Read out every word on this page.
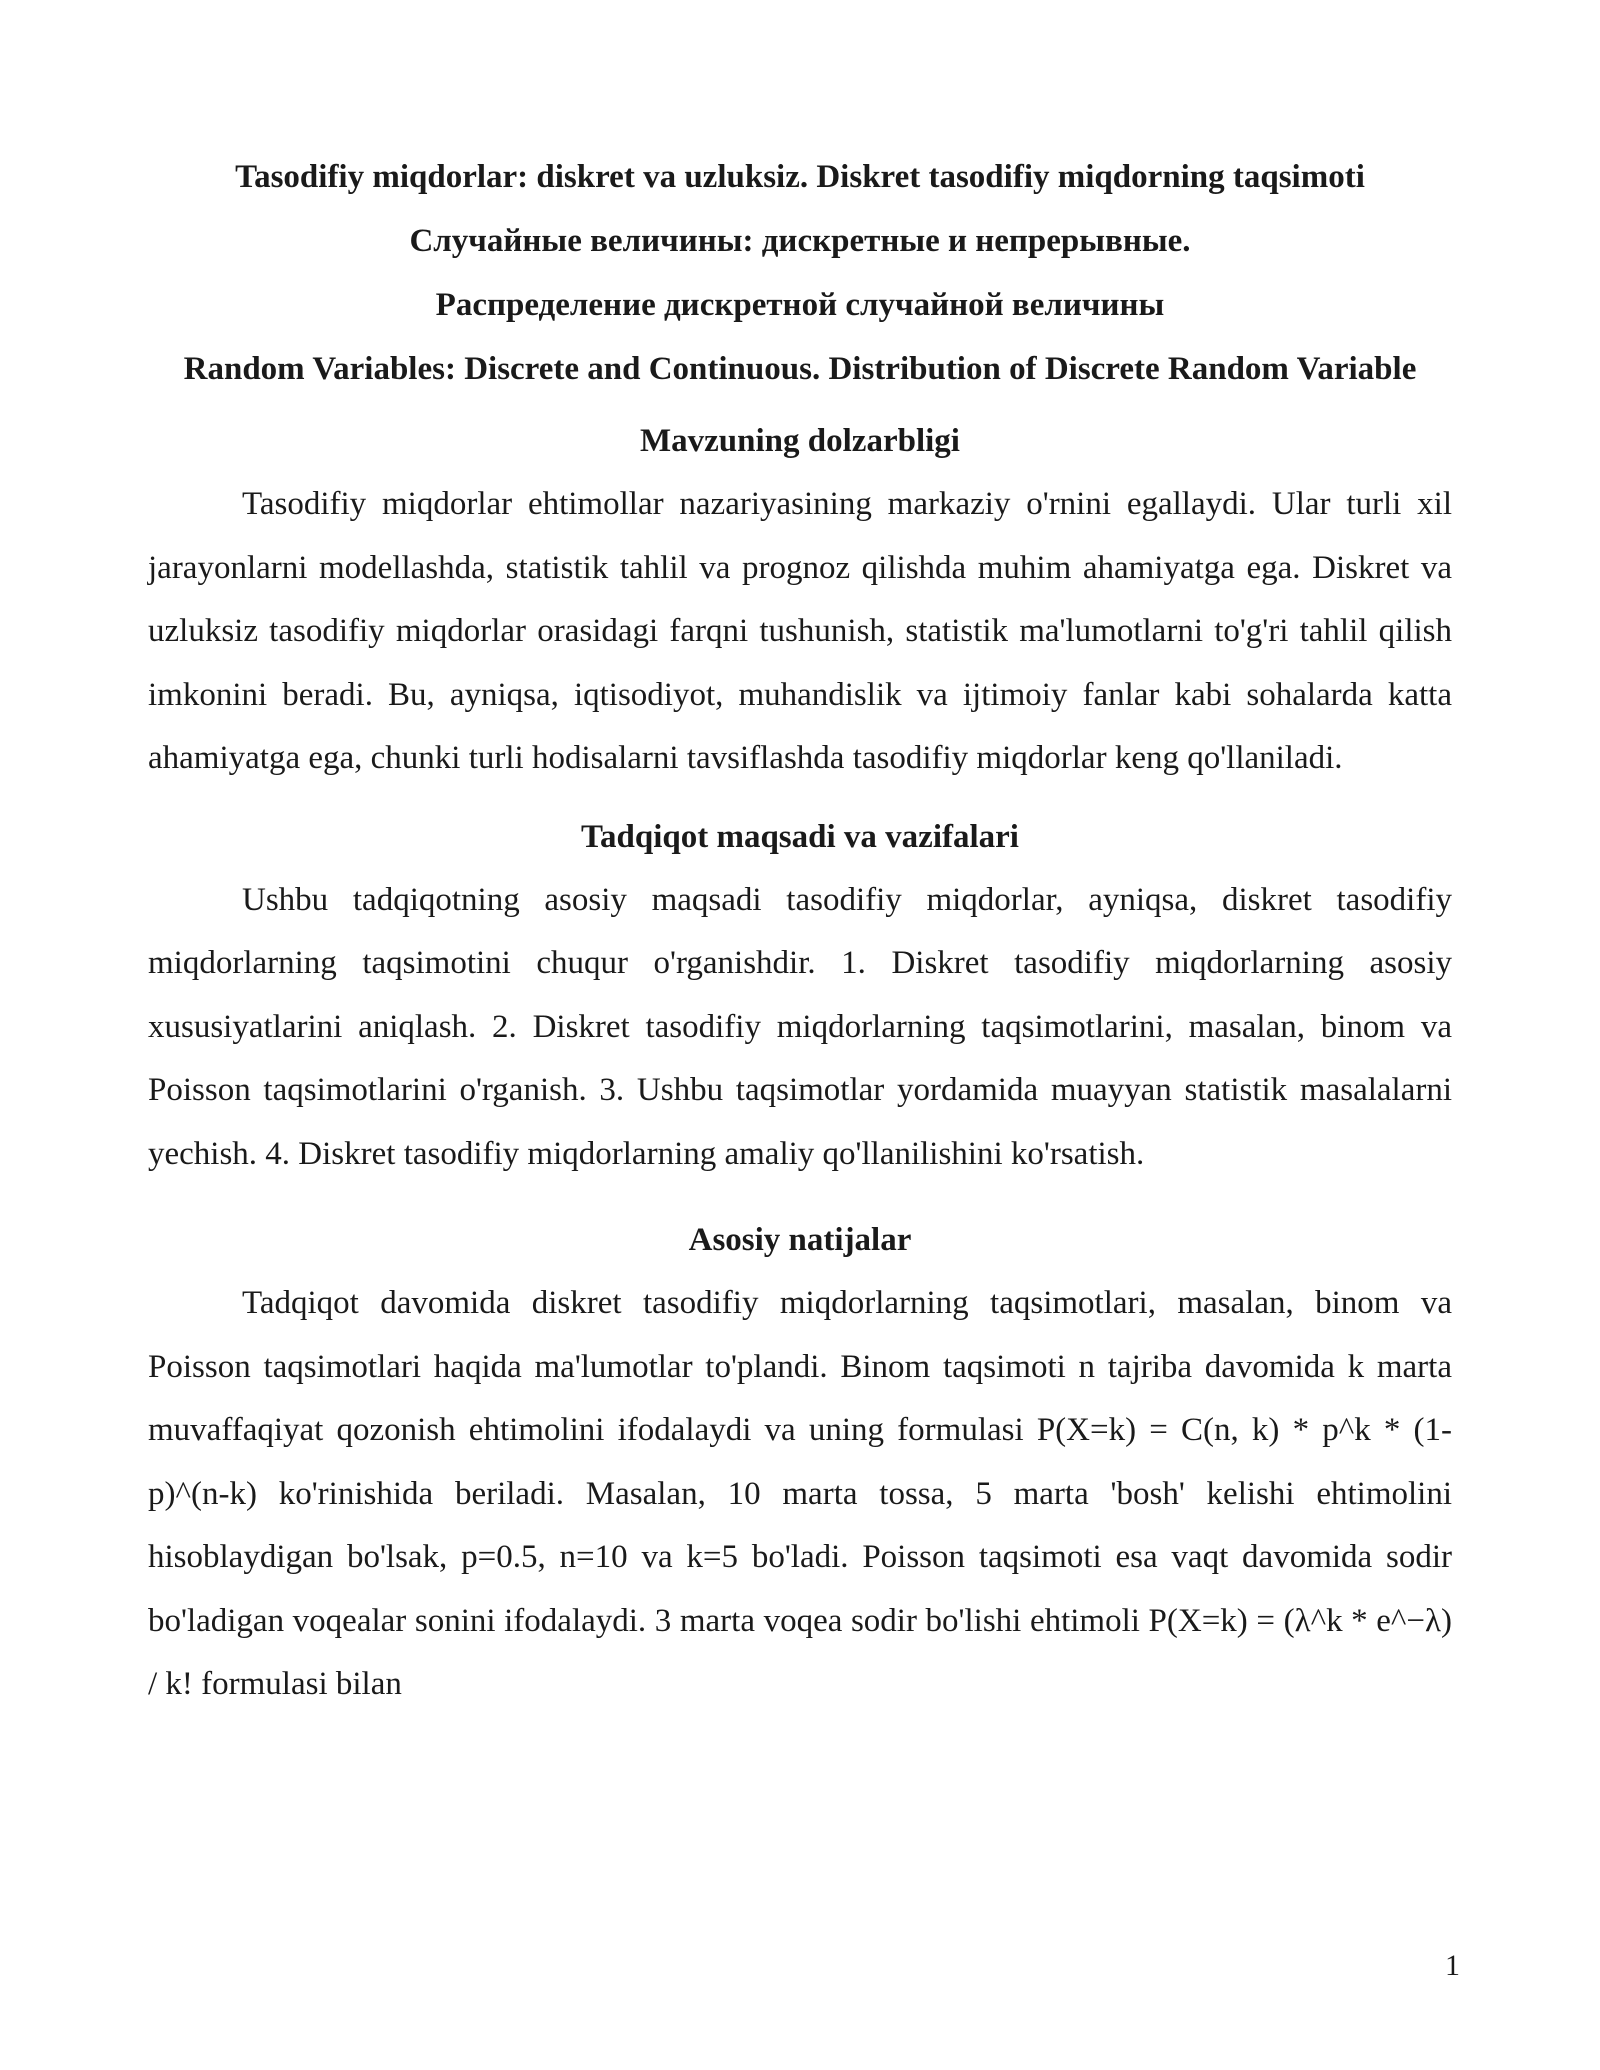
Tasodifiy miqdorlar: diskret va uzluksiz. Diskret tasodifiy miqdorning taqsimoti

Случайные величины: дискретные и непрерывные. Распределение дискретной случайной величины

Random Variables: Discrete and Continuous. Distribution of Discrete Random Variable

Mavzuning dolzarbligi

Tasodifiy miqdorlar ehtimollar nazariyasining markaziy o'rnini egallaydi. Ular turli xil jarayonlarni modellashda, statistik tahlil va prognoz qilishda muhim ahamiyatga ega. Diskret va uzluksiz tasodifiy miqdorlar orasidagi farqni tushunish, statistik ma'lumotlarni to'g'ri tahlil qilish imkonini beradi. Bu, ayniqsa, iqtisodiyot, muhandislik va ijtimoiy fanlar kabi sohalarda katta ahamiyatga ega, chunki turli hodisalarni tavsiflashda tasodifiy miqdorlar keng qo'llaniladi.

Tadqiqot maqsadi va vazifalari

Ushbu tadqiqotning asosiy maqsadi tasodifiy miqdorlar, ayniqsa, diskret tasodifiy miqdorlarning taqsimotini chuqur o'rganishdir. 1. Diskret tasodifiy miqdorlarning asosiy xususiyatlarini aniqlash. 2. Diskret tasodifiy miqdorlarning taqsimotlarini, masalan, binom va Poisson taqsimotlarini o'rganish. 3. Ushbu taqsimotlar yordamida muayyan statistik masalalarni yechish. 4. Diskret tasodifiy miqdorlarning amaliy qo'llanilishini ko'rsatish.

Asosiy natijalar

Tadqiqot davomida diskret tasodifiy miqdorlarning taqsimotlari, masalan, binom va Poisson taqsimotlari haqida ma'lumotlar to'plandi. Binom taqsimoti n tajriba davomida k marta muvaffaqiyat qozonish ehtimolini ifodalaydi va uning formulasi P(X=k) = C(n, k) * p^k * (1-p)^(n-k) ko'rinishida beriladi. Masalan, 10 marta tossa, 5 marta 'bosh' kelishi ehtimolini hisoblaydigan bo'lsak, p=0.5, n=10 va k=5 bo'ladi. Poisson taqsimoti esa vaqt davomida sodir bo'ladigan voqealar sonini ifodalaydi. 3 marta voqea sodir bo'lishi ehtimoli P(X=k) = (λ^k * e^−λ) / k! formulasi bilan

1
